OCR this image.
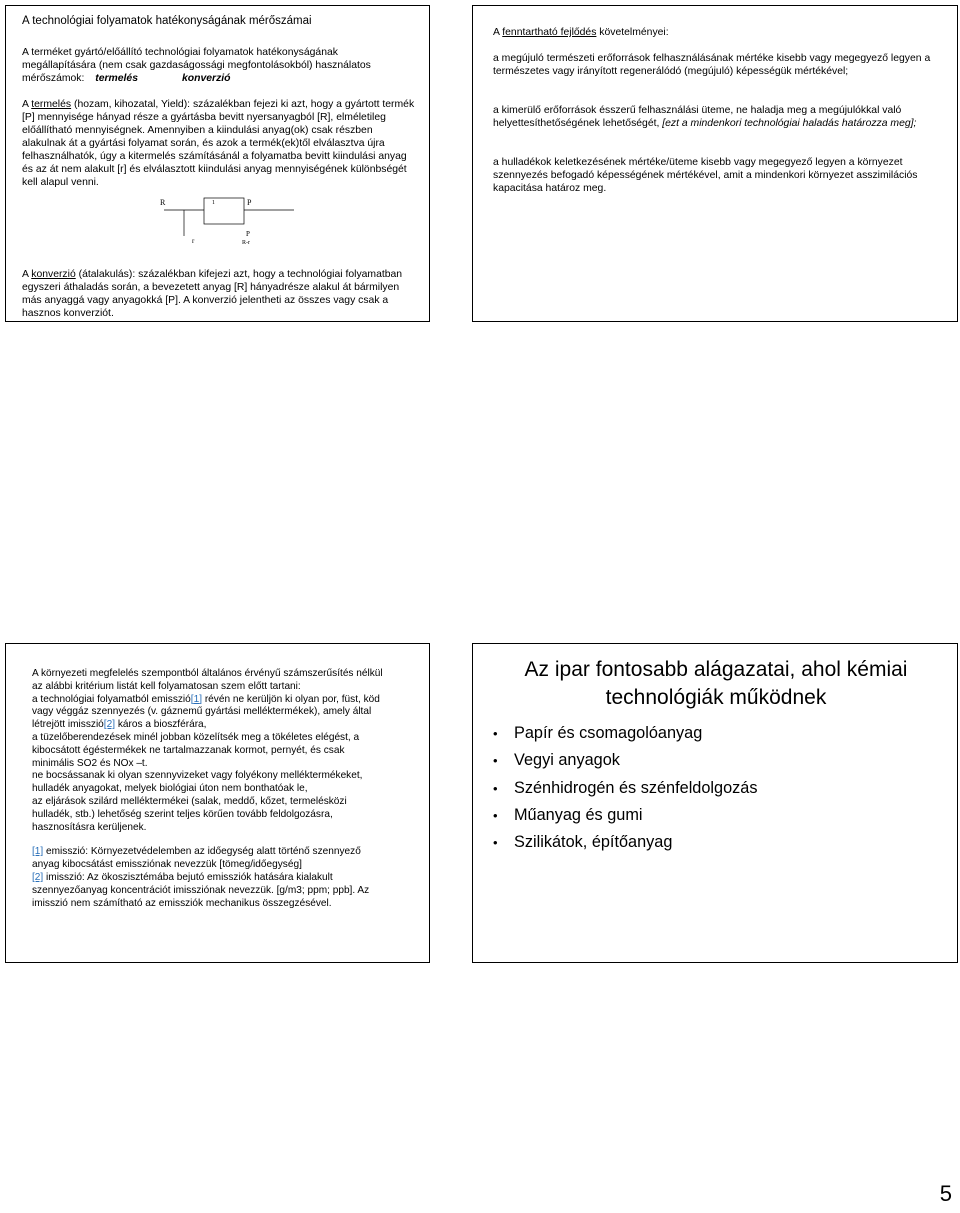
A technológiai folyamatok hatékonyságának mérőszámai

A terméket gyártó/előállító technológiai folyamatok hatékonyságának megállapítására (nem csak gazdaságossági megfontolásokból) használatos mérőszámok: termelés	konverzió

A termelés (hozam, kihozatal, Yield): százalékban fejezi ki azt, hogy a gyártott termék [P] mennyisége hányad része a gyártásba bevitt nyersanyagból [R], elméletileg előállítható mennyiségnek. Amennyiben a kiindulási anyag(ok) csak részben alakulnak át a gyártási folyamat során, és azok a termék(ek)től elválasztva újra felhasználhatók, úgy a kitermelés számításánál a folyamatba bevitt kiindulási anyag és az át nem alakult [r] és elválasztott kiindulási anyag mennyiségének különbségét kell alapul venni.

R	1	P
r
P
R-r

A konverzió (átalakulás): százalékban kifejezi azt, hogy a technológiai folyamatban egyszeri áthaladás során, a bevezetett anyag [R] hányadrésze alakul át bármilyen más anyaggá vagy anyagokká [P]. A konverzió jelentheti az összes vagy csak a hasznos konverziót.

A fenntartható fejlődés követelményei:

a megújuló természeti erőforrások felhasználásának mértéke kisebb vagy megegyező legyen a természetes vagy irányított regenerálódó (megújuló) képességük mértékével;

a kimerülő erőforrások ésszerű felhasználási üteme, ne haladja meg a megújulókkal való helyettesíthetőségének lehetőségét, [ezt a mindenkori technológiai haladás határozza meg];

a hulladékok keletkezésének mértéke/üteme kisebb vagy megegyező legyen a környezet szennyezés befogadó képességének mértékével, amit a mindenkori környezet asszimilációs kapacitása határoz meg.

A környezeti megfelelés szempontból általános érvényű számszerűsítés nélkül
az alábbi kritérium listát kell folyamatosan szem előtt tartani:
a technológiai folyamatból emisszió[1] révén ne kerüljön ki olyan por, füst, köd
vagy véggáz szennyezés (v. gáznemű gyártási melléktermékek), amely által
létrejött imisszió[2] káros a bioszférára,
a tüzelőberendezések minél jobban közelítsék meg a tökéletes elégést, a
kibocsátott égéstermékek ne tartalmazzanak kormot, pernyét, és csak
minimális SO2 és NOx –t.
ne bocsássanak ki olyan szennyvizeket vagy folyékony melléktermékeket,
hulladék anyagokat, melyek biológiai úton nem bonthatóak le,
az eljárások szilárd melléktermékei (salak, meddő, kőzet, termelésközi
hulladék, stb.) lehetőség szerint teljes körűen tovább feldolgozásra,
hasznosításra kerüljenek.
[1] emisszió: Környezetvédelemben az időegység alatt történő szennyező
anyag kibocsátást emissziónak nevezzük [tömeg/időegység]
[2] imisszió: Az ökoszisztémába bejutó emissziók hatására kialakult
szennyezőanyag koncentrációt imissziónak nevezzük. [g/m3; ppm; ppb]. Az
imisszió nem számítható az emissziók mechanikus összegzésével.
Az ipar fontosabb alágazatai, ahol kémiai technológiák működnek
•	Papír és csomagolóanyag
•	Vegyi anyagok
•	Szénhidrogén és szénfeldolgozás
•	Műanyag és gumi
•	Szilikátok, építőanyag
5
